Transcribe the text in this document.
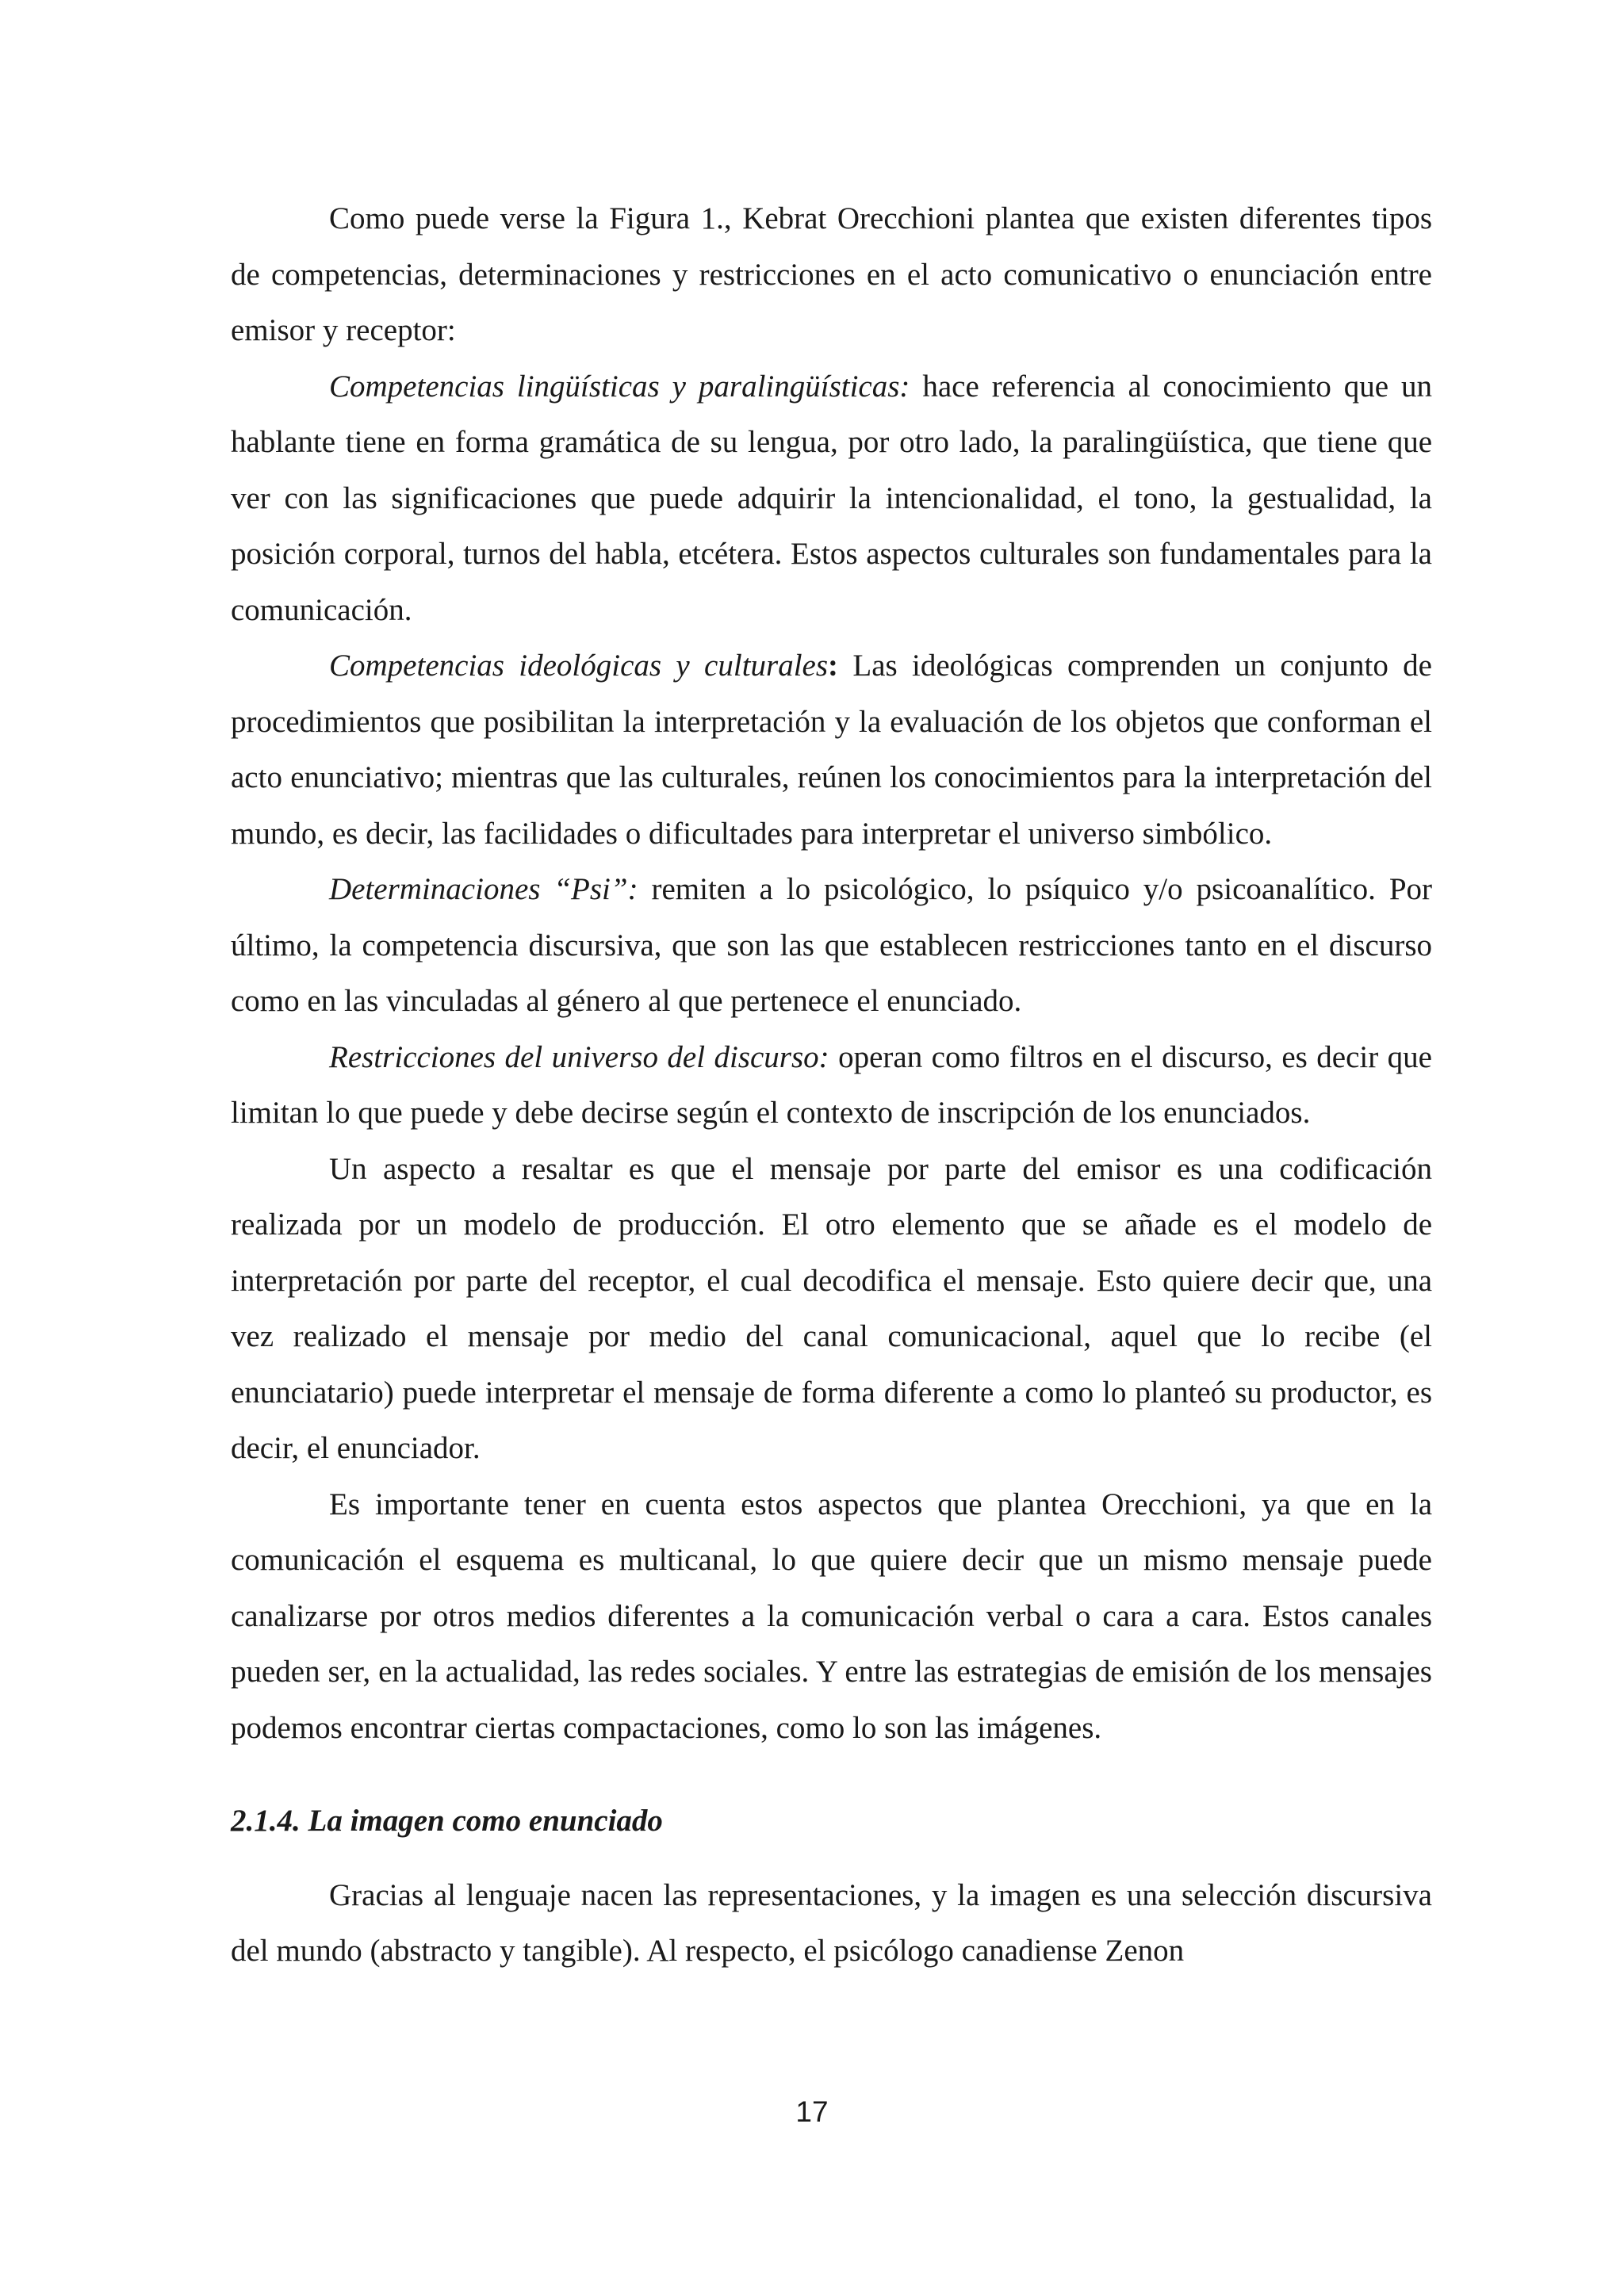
Como puede verse la Figura 1., Kebrat Orecchioni plantea que existen diferentes tipos de competencias, determinaciones y restricciones en el acto comunicativo o enunciación entre emisor y receptor:

Competencias lingüísticas y paralingüísticas: hace referencia al conocimiento que un hablante tiene en forma gramática de su lengua, por otro lado, la paralingüística, que tiene que ver con las significaciones que puede adquirir la intencionalidad, el tono, la gestualidad, la posición corporal, turnos del habla, etcétera. Estos aspectos culturales son fundamentales para la comunicación.

Competencias ideológicas y culturales: Las ideológicas comprenden un conjunto de procedimientos que posibilitan la interpretación y la evaluación de los objetos que conforman el acto enunciativo; mientras que las culturales, reúnen los conocimientos para la interpretación del mundo, es decir, las facilidades o dificultades para interpretar el universo simbólico.

Determinaciones “Psi”: remiten a lo psicológico, lo psíquico y/o psicoanalítico. Por último, la competencia discursiva, que son las que establecen restricciones tanto en el discurso como en las vinculadas al género al que pertenece el enunciado.

Restricciones del universo del discurso: operan como filtros en el discurso, es decir que limitan lo que puede y debe decirse según el contexto de inscripción de los enunciados.

Un aspecto a resaltar es que el mensaje por parte del emisor es una codificación realizada por un modelo de producción. El otro elemento que se añade es el modelo de interpretación por parte del receptor, el cual decodifica el mensaje. Esto quiere decir que, una vez realizado el mensaje por medio del canal comunicacional, aquel que lo recibe (el enunciatario) puede interpretar el mensaje de forma diferente a como lo planteó su productor, es decir, el enunciador.

Es importante tener en cuenta estos aspectos que plantea Orecchioni, ya que en la comunicación el esquema es multicanal, lo que quiere decir que un mismo mensaje puede canalizarse por otros medios diferentes a la comunicación verbal o cara a cara. Estos canales pueden ser, en la actualidad, las redes sociales. Y entre las estrategias de emisión de los mensajes podemos encontrar ciertas compactaciones, como lo son las imágenes.

2.1.4. La imagen como enunciado

Gracias al lenguaje nacen las representaciones, y la imagen es una selección discursiva del mundo (abstracto y tangible). Al respecto, el psicólogo canadiense Zenon

17
